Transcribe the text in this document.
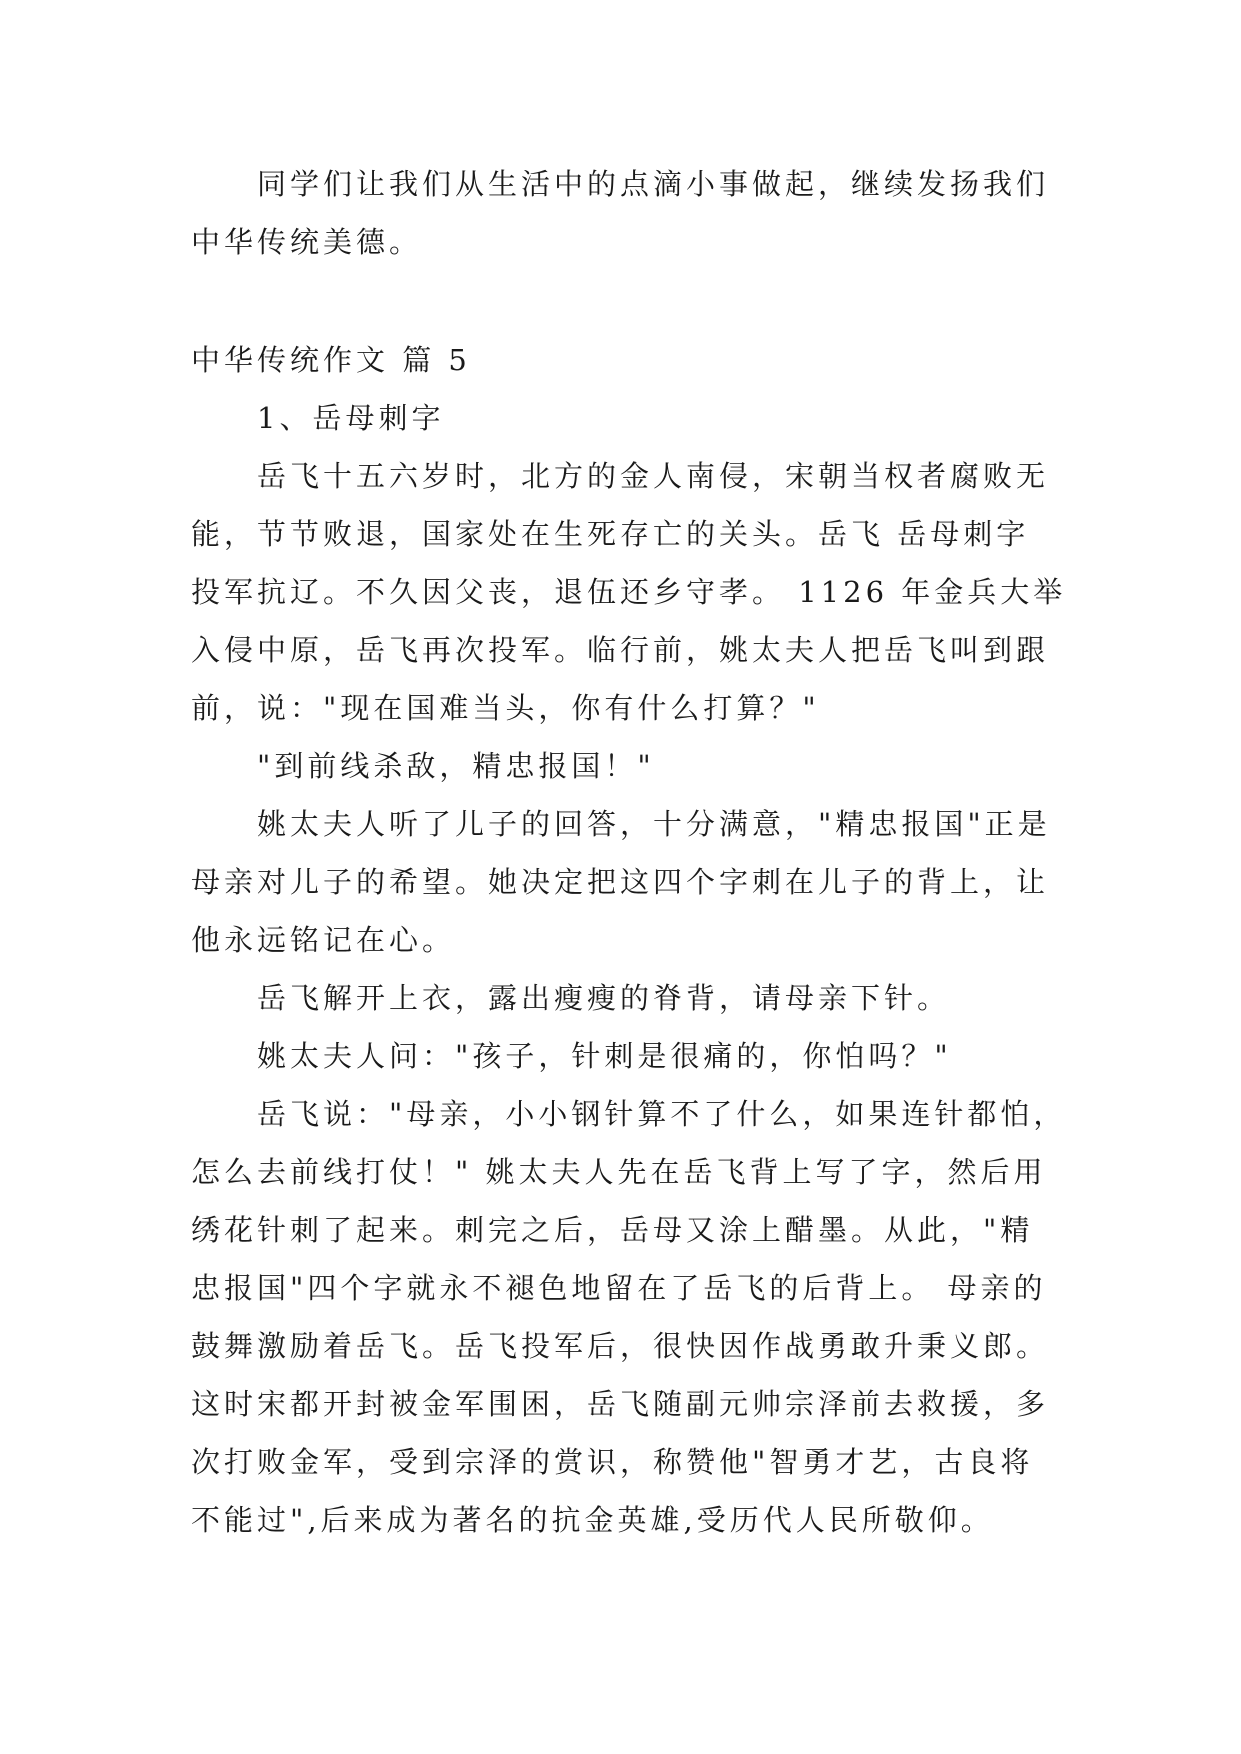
同学们让我们从生活中的点滴小事做起，继续发扬我们
中华传统美德。
中华传统作文 篇 5
1、岳母刺字
岳飞十五六岁时，北方的金人南侵，宋朝当权者腐败无
能，节节败退，国家处在生死存亡的关头。岳飞 岳母刺字
投军抗辽。不久因父丧，退伍还乡守孝。 1126 年金兵大举
入侵中原，岳飞再次投军。临行前，姚太夫人把岳飞叫到跟
前，说："现在国难当头，你有什么打算？"
"到前线杀敌，精忠报国！"
姚太夫人听了儿子的回答，十分满意，"精忠报国"正是
母亲对儿子的希望。她决定把这四个字刺在儿子的背上，让
他永远铭记在心。
岳飞解开上衣，露出瘦瘦的脊背，请母亲下针。
姚太夫人问："孩子，针刺是很痛的，你怕吗？"
岳飞说："母亲，小小钢针算不了什么，如果连针都怕，
怎么去前线打仗！" 姚太夫人先在岳飞背上写了字，然后用
绣花针刺了起来。刺完之后，岳母又涂上醋墨。从此，"精
忠报国"四个字就永不褪色地留在了岳飞的后背上。 母亲的
鼓舞激励着岳飞。岳飞投军后，很快因作战勇敢升秉义郎。
这时宋都开封被金军围困，岳飞随副元帅宗泽前去救援，多
次打败金军，受到宗泽的赏识，称赞他"智勇才艺，古良将
不能过",后来成为著名的抗金英雄,受历代人民所敬仰。
